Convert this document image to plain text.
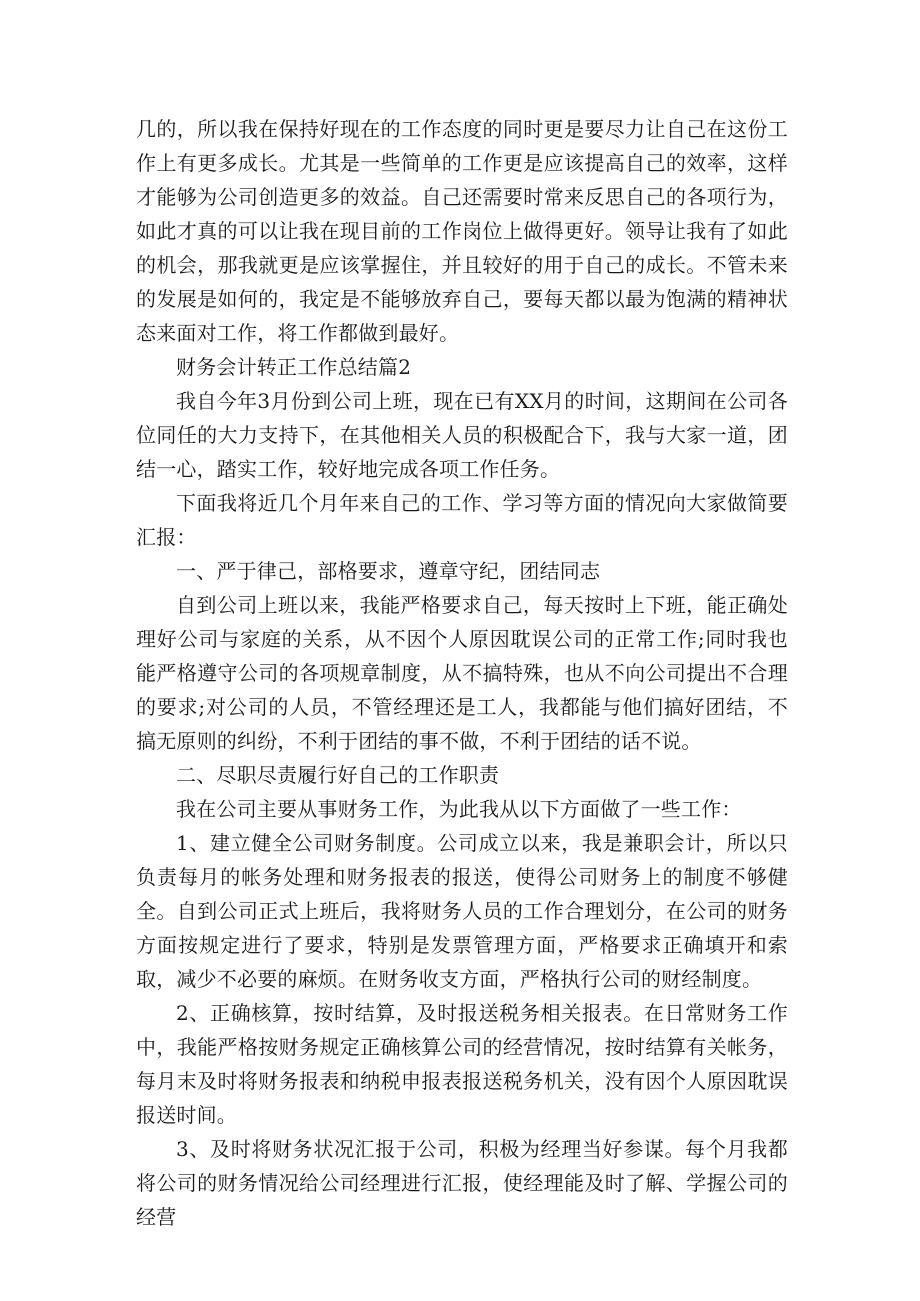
几的，所以我在保持好现在的工作态度的同时更是要尽力让自己在这份工作上有更多成长。尤其是一些简单的工作更是应该提高自己的效率，这样才能够为公司创造更多的效益。自己还需要时常来反思自己的各项行为，如此才真的可以让我在现目前的工作岗位上做得更好。领导让我有了如此的机会，那我就更是应该掌握住，并且较好的用于自己的成长。不管未来的发展是如何的，我定是不能够放弃自己，要每天都以最为饱满的精神状态来面对工作，将工作都做到最好。

财务会计转正工作总结篇2

我自今年3月份到公司上班，现在已有XX月的时间，这期间在公司各位同任的大力支持下，在其他相关人员的积极配合下，我与大家一道，团结一心，踏实工作，较好地完成各项工作任务。

下面我将近几个月年来自己的工作、学习等方面的情况向大家做简要汇报：

一、严于律己，部格要求，遵章守纪，团结同志

自到公司上班以来，我能严格要求自己，每天按时上下班，能正确处理好公司与家庭的关系，从不因个人原因耽误公司的正常工作;同时我也能严格遵守公司的各项规章制度，从不搞特殊，也从不向公司提出不合理的要求;对公司的人员，不管经理还是工人，我都能与他们搞好团结，不搞无原则的纠纷，不利于团结的事不做，不利于团结的话不说。

二、尽职尽责履行好自己的工作职责

我在公司主要从事财务工作，为此我从以下方面做了一些工作：

1、建立健全公司财务制度。公司成立以来，我是兼职会计，所以只负责每月的帐务处理和财务报表的报送，使得公司财务上的制度不够健全。自到公司正式上班后，我将财务人员的工作合理划分，在公司的财务方面按规定进行了要求，特别是发票管理方面，严格要求正确填开和索取，减少不必要的麻烦。在财务收支方面，严格执行公司的财经制度。

2、正确核算，按时结算，及时报送税务相关报表。在日常财务工作中，我能严格按财务规定正确核算公司的经营情况，按时结算有关帐务，每月末及时将财务报表和纳税申报表报送税务机关，没有因个人原因耽误报送时间。

3、及时将财务状况汇报于公司，积极为经理当好参谋。每个月我都将公司的财务情况给公司经理进行汇报，使经理能及时了解、学握公司的经营
